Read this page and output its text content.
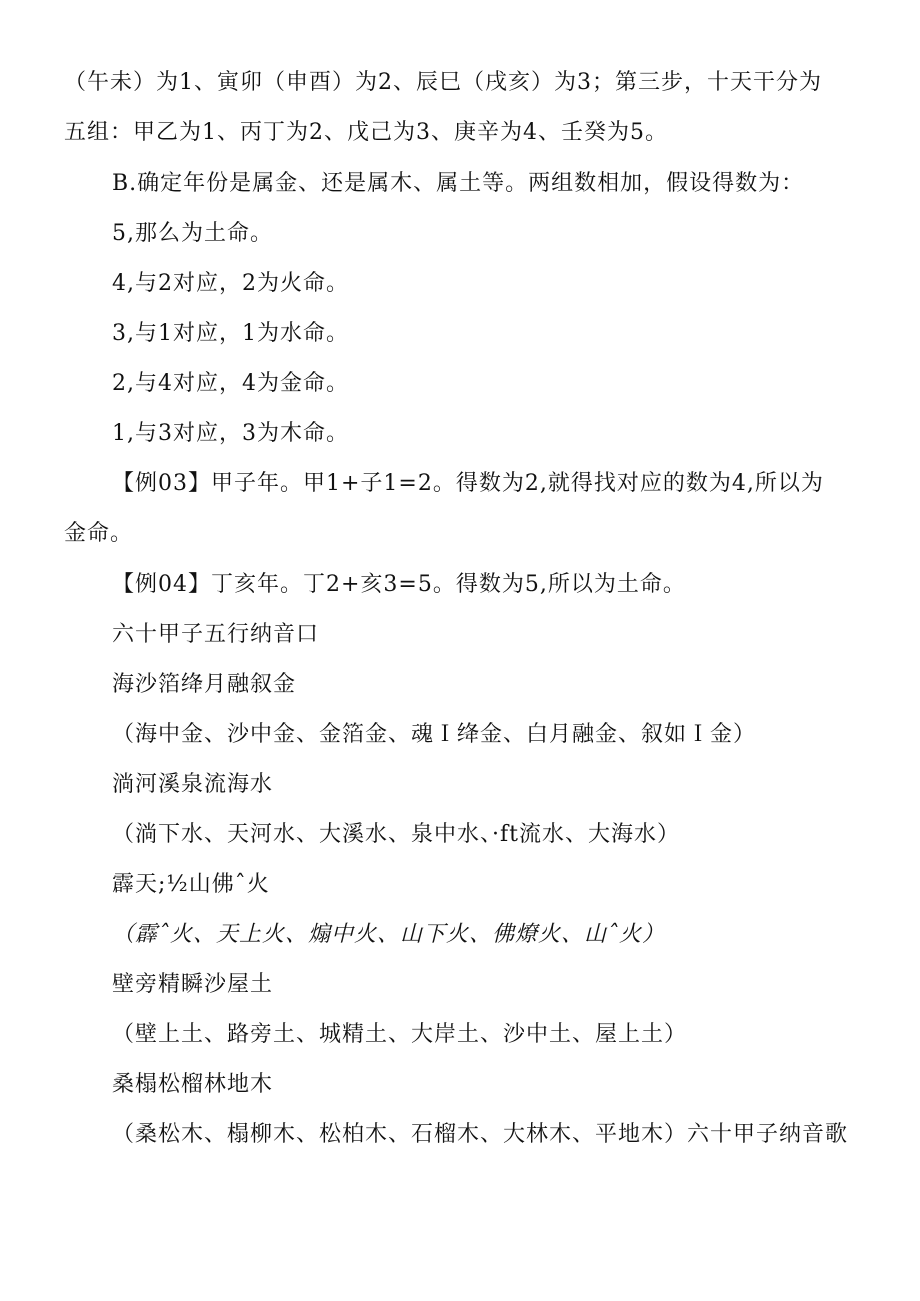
（午未）为1、寅卯（申酉）为2、辰巳（戌亥）为3；第三步，十天干分为
五组：甲乙为1、丙丁为2、戊己为3、庚辛为4、壬癸为5。
B.确定年份是属金、还是属木、属土等。两组数相加，假设得数为：
5,那么为土命。
4,与2对应，2为火命。
3,与1对应，1为水命。
2,与4对应，4为金命。
1,与3对应，3为木命。
【例03】甲子年。甲1+子1=2。得数为2,就得找对应的数为4,所以为
金命。
【例04】丁亥年。丁2+亥3=5。得数为5,所以为土命。
六十甲子五行纳音口
海沙箔绛月融叙金
（海中金、沙中金、金箔金、魂Ｉ绛金、白月融金、叙如Ｉ金）
淌河溪泉流海水
（淌下水、天河水、大溪水、泉中水、·ft流水、大海水）
霹天;½山佛ˆ火
（霹ˆ火、天上火、煽中火、山下火、佛燎火、山ˆ火）
壁旁精瞬沙屋土
（壁上土、路旁土、城精土、大岸土、沙中土、屋上土）
桑榻松榴林地木
（桑松木、榻柳木、松柏木、石榴木、大林木、平地木）六十甲子纳音歌
